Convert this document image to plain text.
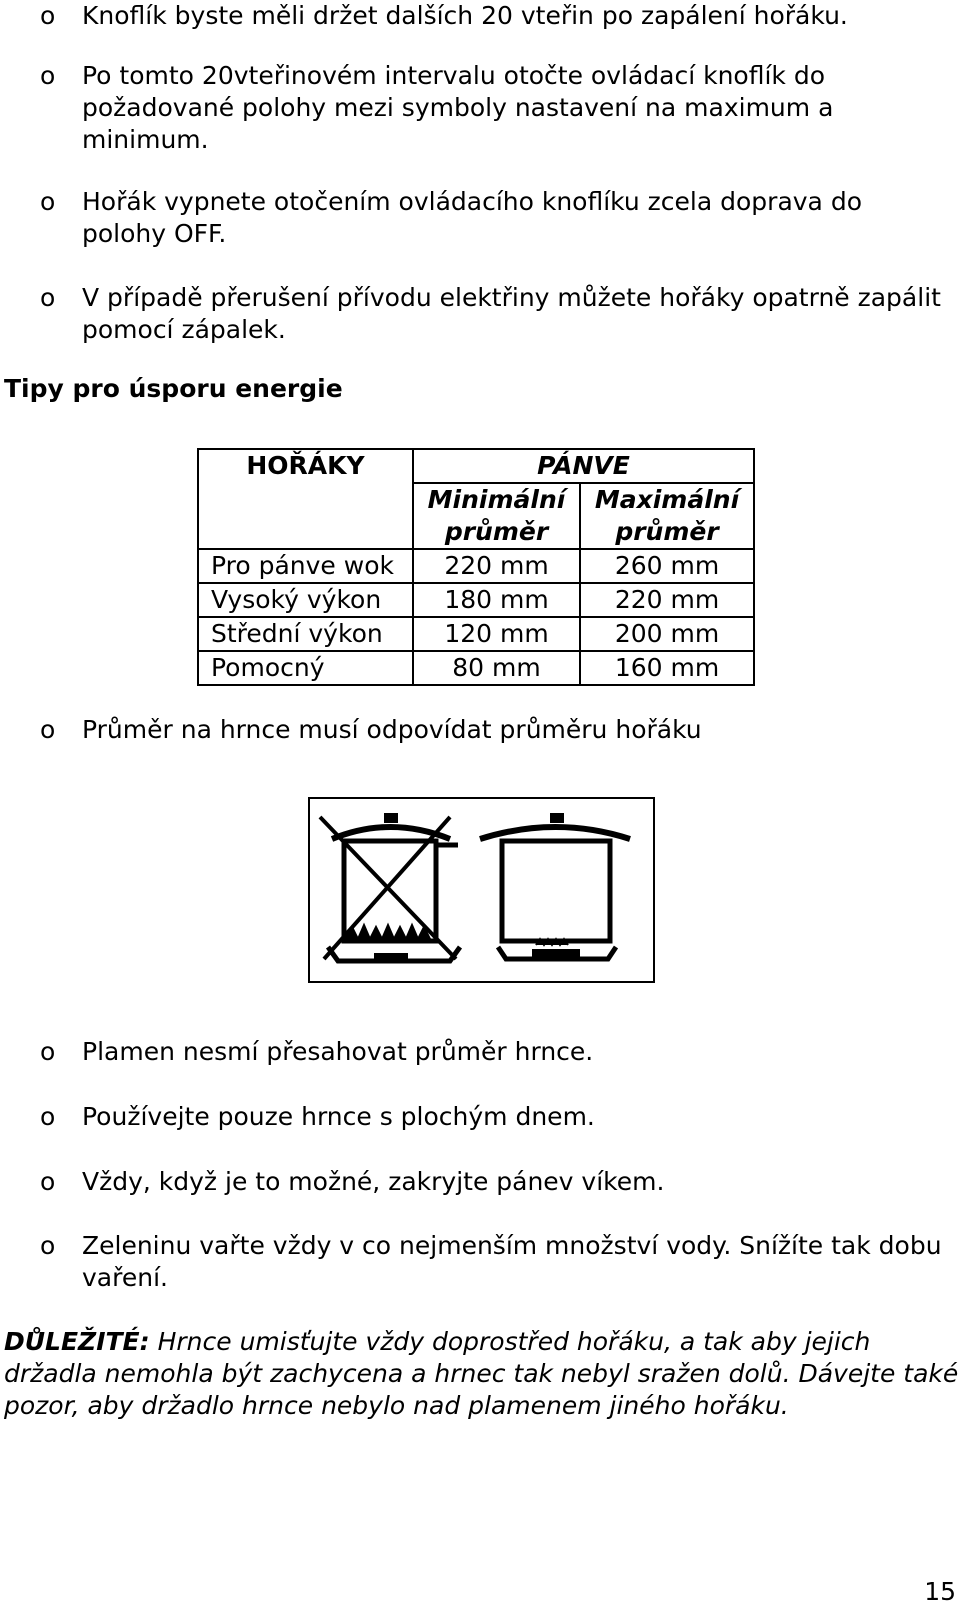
o Knoflík byste měli držet dalších 20 vteřin po zapálení hořáku.
o Po tomto 20vteřinovém intervalu otočte ovládací knoflík do požadované polohy mezi symboly nastavení na maximum a minimum.
o Hořák vypnete otočením ovládacího knoflíku zcela doprava do polohy OFF.
o V případě přerušení přívodu elektřiny můžete hořáky opatrně zapálit pomocí zápalek.
Tipy pro úsporu energie
HOŘÁKY	PÁNVE	
	Minimální průměr	Maximální průměr
Pro pánve wok	220 mm	260 mm
Vysoký výkon	180 mm	220 mm
Střední výkon	120 mm	200 mm
Pomocný	80 mm	160 mm
o Průměr na hrnce musí odpovídat průměru hořáku
o Plamen nesmí přesahovat průměr hrnce.
o Používejte pouze hrnce s plochým dnem.
o Vždy, když je to možné, zakryjte pánev víkem.
o Zeleninu vařte vždy v co nejmenším množství vody. Snížíte tak dobu vaření.
DŮLEŽITÉ: Hrnce umisťujte vždy doprostřed hořáku, a tak aby jejich držadla nemohla být zachycena a hrnec tak nebyl sražen dolů. Dávejte také pozor, aby držadlo hrnce nebylo nad plamenem jiného hořáku.
15
